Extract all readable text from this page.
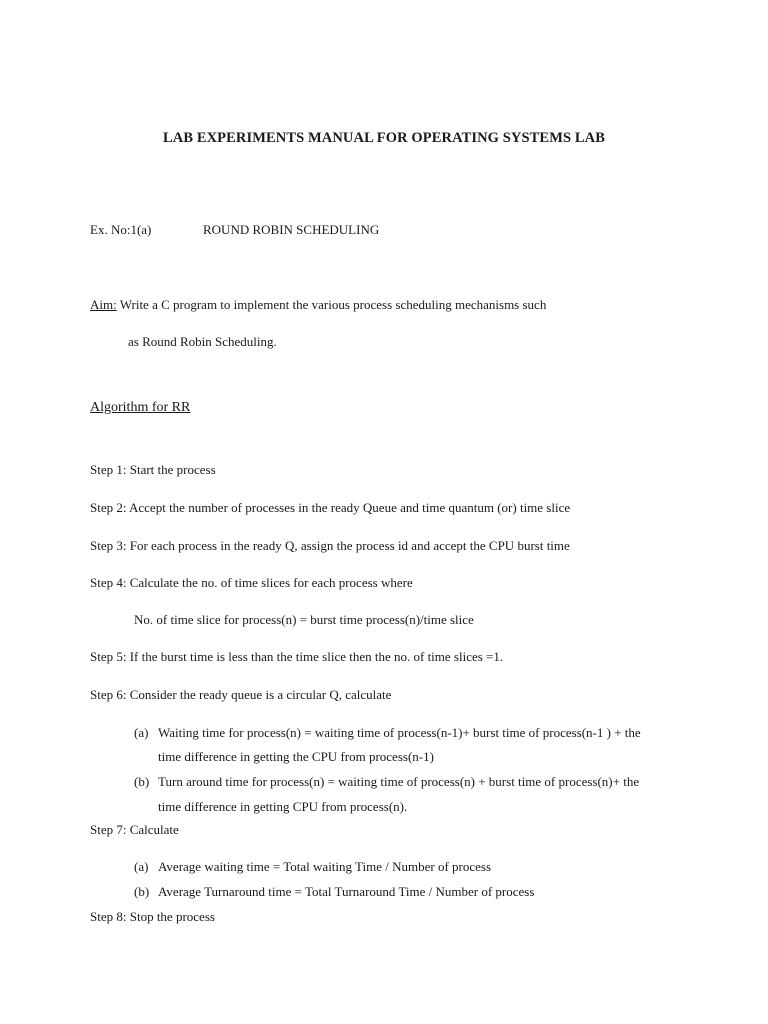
LAB EXPERIMENTS MANUAL FOR OPERATING SYSTEMS LAB
Ex. No:1(a)	ROUND ROBIN SCHEDULING
Aim: Write a C program to implement the various process scheduling mechanisms such
as Round Robin Scheduling.
Algorithm for RR
Step 1: Start the process
Step 2: Accept the number of processes in the ready Queue and time quantum (or) time slice
Step 3: For each process in the ready Q, assign the process id and accept the CPU burst time
Step 4: Calculate the no. of time slices for each process where
No. of time slice for process(n) = burst time process(n)/time slice
Step 5: If the burst time is less than the time slice then the no. of time slices =1.
Step 6: Consider the ready queue is a circular Q, calculate
(a) Waiting time for process(n) = waiting time of process(n-1)+ burst time of process(n-1 ) + the
time difference in getting the CPU from process(n-1)
(b) Turn around time for process(n) = waiting time of process(n) + burst time of process(n)+ the
time difference in getting CPU from process(n).
Step 7: Calculate
(a) Average waiting time = Total waiting Time / Number of process
(b) Average Turnaround time = Total Turnaround Time / Number of process
Step 8: Stop the process
